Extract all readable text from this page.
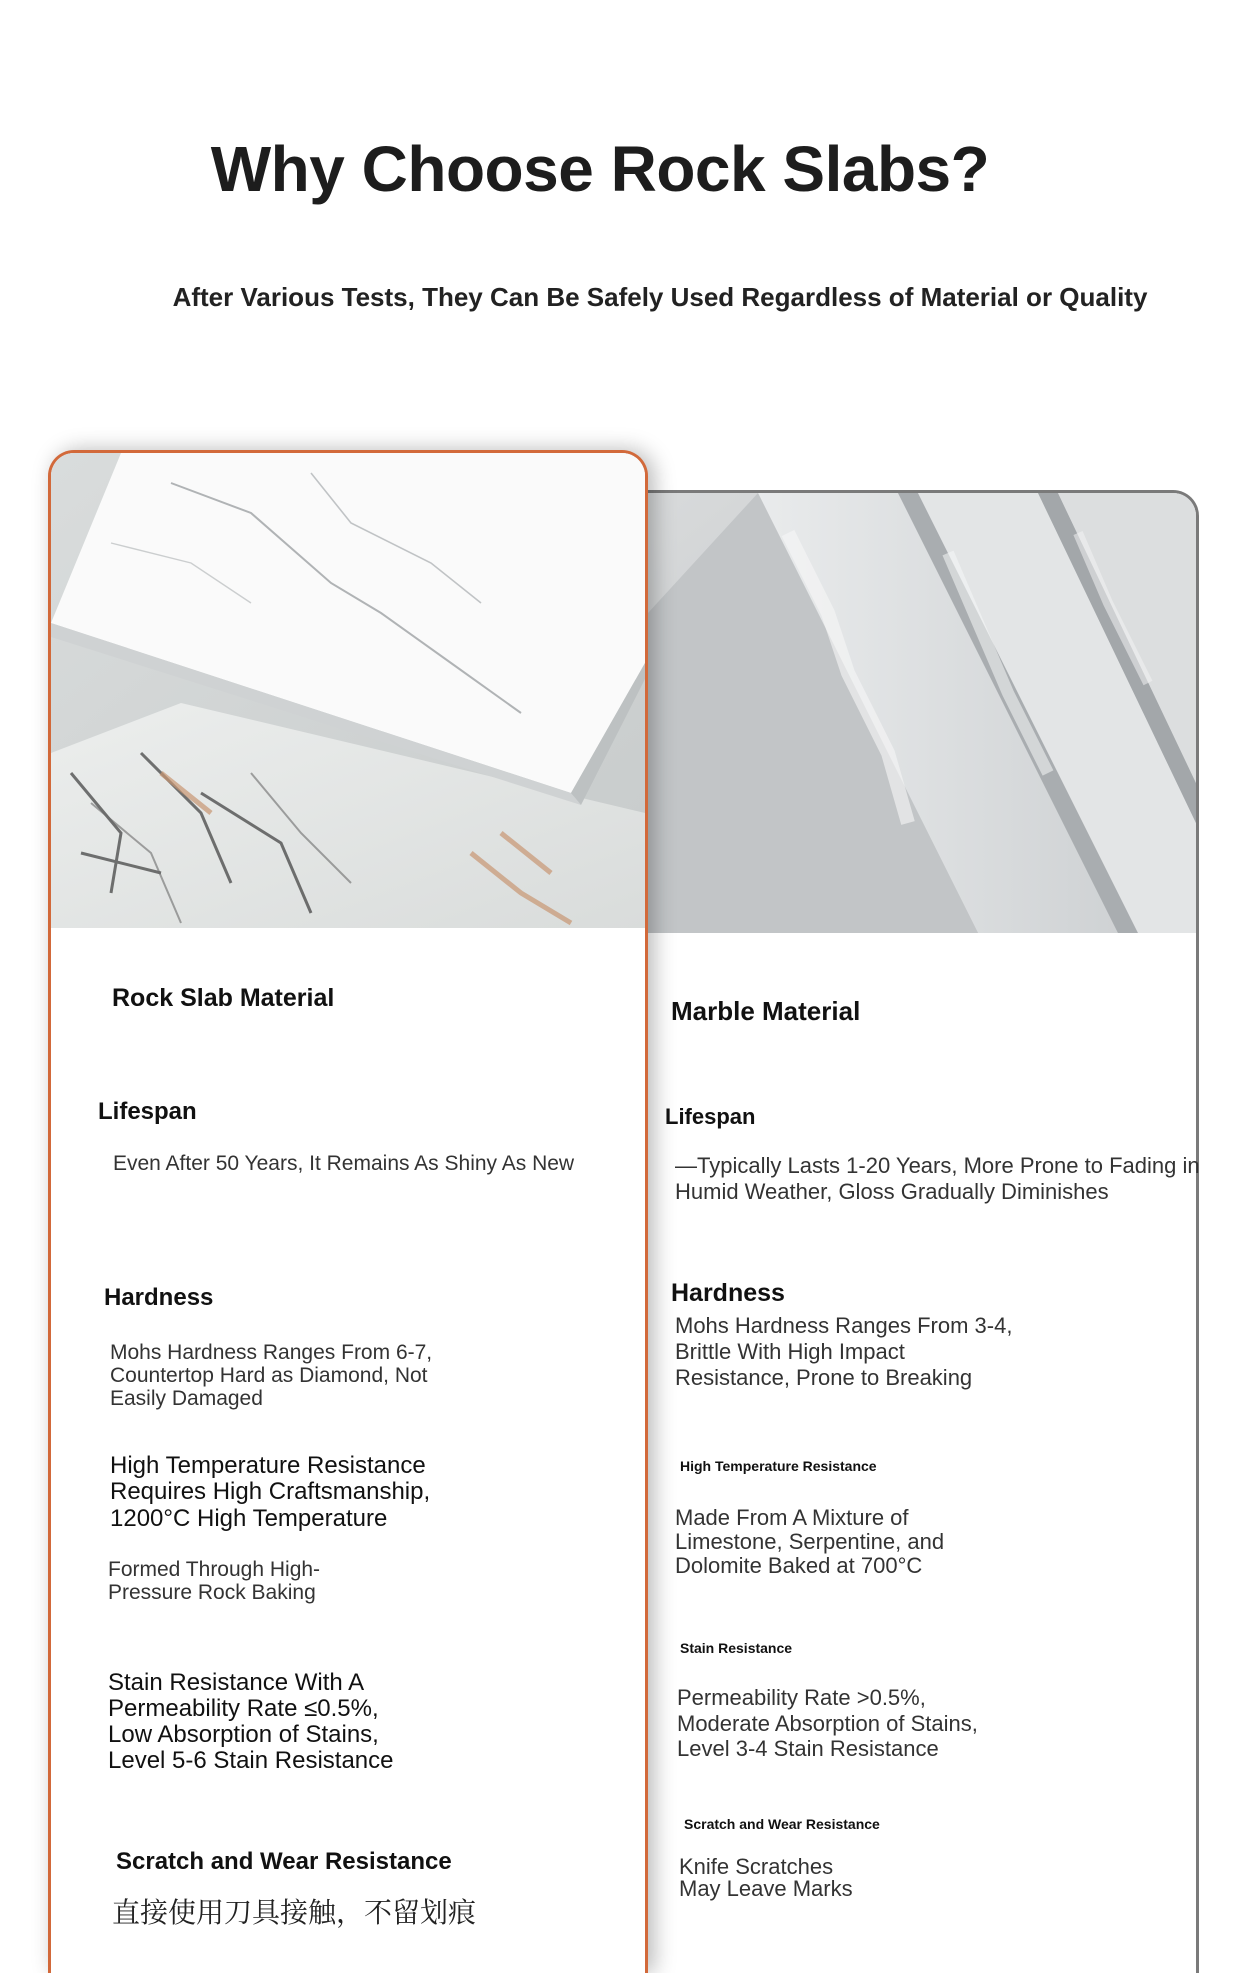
Why Choose Rock Slabs?
After Various Tests, They Can Be Safely Used Regardless of Material or Quality
Rock Slab Material
Lifespan
Even After 50 Years, It Remains As Shiny As New
Hardness
Mohs Hardness Ranges From 6-7, Countertop Hard as Diamond, Not Easily Damaged
High Temperature Resistance Requires High Craftsmanship, 1200°C High Temperature
Formed Through High-Pressure Rock Baking
Stain Resistance With A Permeability Rate ≤0.5%, Low Absorption of Stains, Level 5-6 Stain Resistance
Scratch and Wear Resistance
直接使用刀具接触，不留划痕
Marble Material
Lifespan
—Typically Lasts 1-20 Years, More Prone to Fading in Humid Weather, Gloss Gradually Diminishes
Hardness
Mohs Hardness Ranges From 3-4, Brittle With High Impact Resistance, Prone to Breaking
High Temperature Resistance
Made From A Mixture of Limestone, Serpentine, and Dolomite Baked at 700°C
Stain Resistance
Permeability Rate >0.5%, Moderate Absorption of Stains, Level 3-4 Stain Resistance
Scratch and Wear Resistance
Knife Scratches May Leave Marks
